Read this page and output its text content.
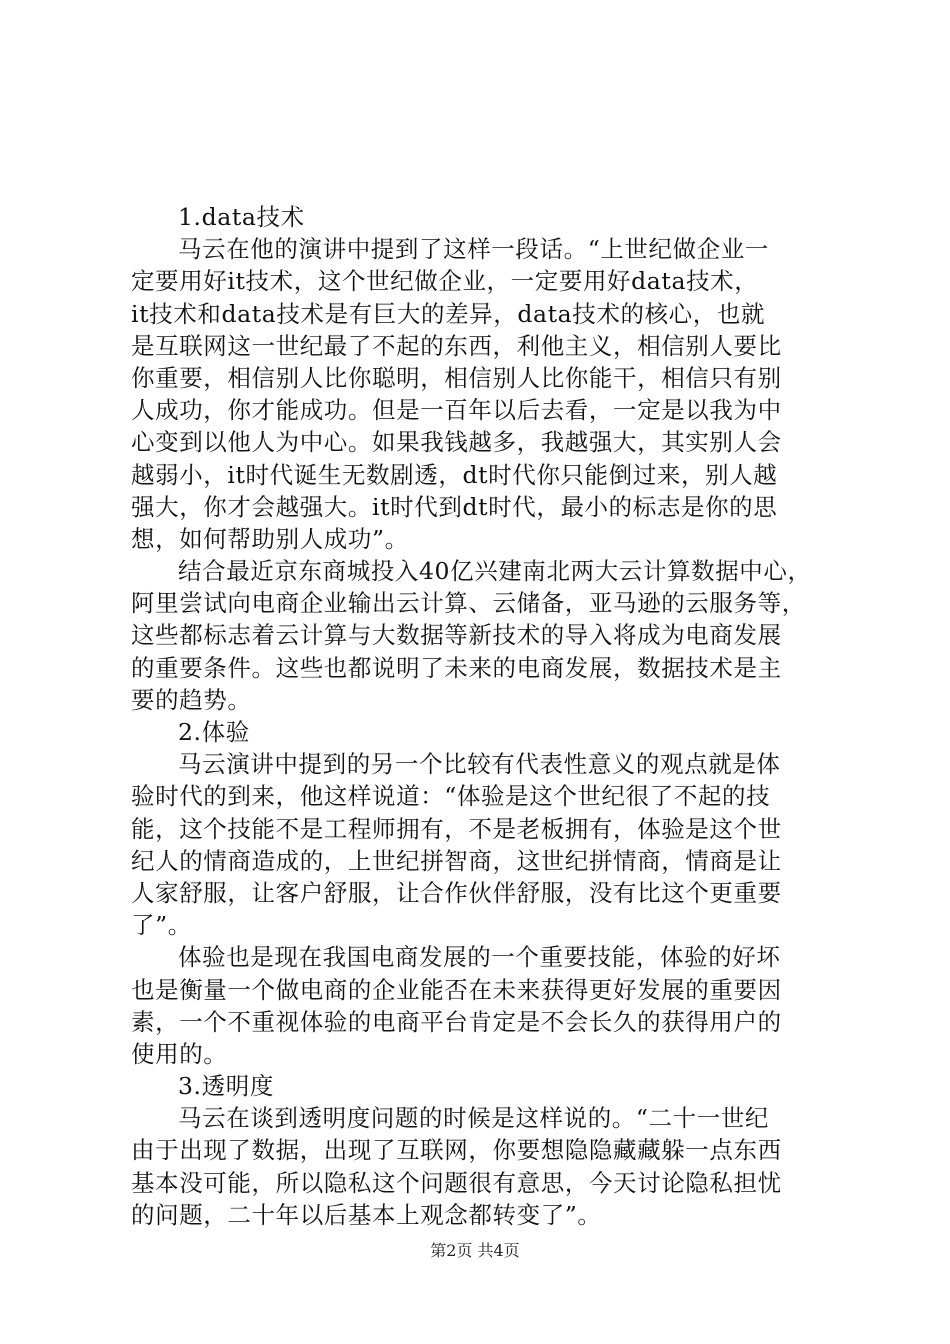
1.data技术
马云在他的演讲中提到了这样一段话。“上世纪做企业一
定要用好it技术，这个世纪做企业，一定要用好data技术，
it技术和data技术是有巨大的差异，data技术的核心，也就
是互联网这一世纪最了不起的东西，利他主义，相信别人要比
你重要，相信别人比你聪明，相信别人比你能干，相信只有别
人成功，你才能成功。但是一百年以后去看，一定是以我为中
心变到以他人为中心。如果我钱越多，我越强大，其实别人会
越弱小，it时代诞生无数剧透，dt时代你只能倒过来，别人越
强大，你才会越强大。it时代到dt时代，最小的标志是你的思
想，如何帮助别人成功”。
结合最近京东商城投入40亿兴建南北两大云计算数据中心，
阿里尝试向电商企业输出云计算、云储备，亚马逊的云服务等，
这些都标志着云计算与大数据等新技术的导入将成为电商发展
的重要条件。这些也都说明了未来的电商发展，数据技术是主
要的趋势。
2.体验
马云演讲中提到的另一个比较有代表性意义的观点就是体
验时代的到来，他这样说道：“体验是这个世纪很了不起的技
能，这个技能不是工程师拥有，不是老板拥有，体验是这个世
纪人的情商造成的，上世纪拼智商，这世纪拼情商，情商是让
人家舒服，让客户舒服，让合作伙伴舒服，没有比这个更重要
了”。
体验也是现在我国电商发展的一个重要技能，体验的好坏
也是衡量一个做电商的企业能否在未来获得更好发展的重要因
素，一个不重视体验的电商平台肯定是不会长久的获得用户的
使用的。
3.透明度
马云在谈到透明度问题的时候是这样说的。“二十一世纪
由于出现了数据，出现了互联网，你要想隐隐藏藏躲一点东西
基本没可能，所以隐私这个问题很有意思，今天讨论隐私担忧
的问题，二十年以后基本上观念都转变了”。
第2页 共4页
